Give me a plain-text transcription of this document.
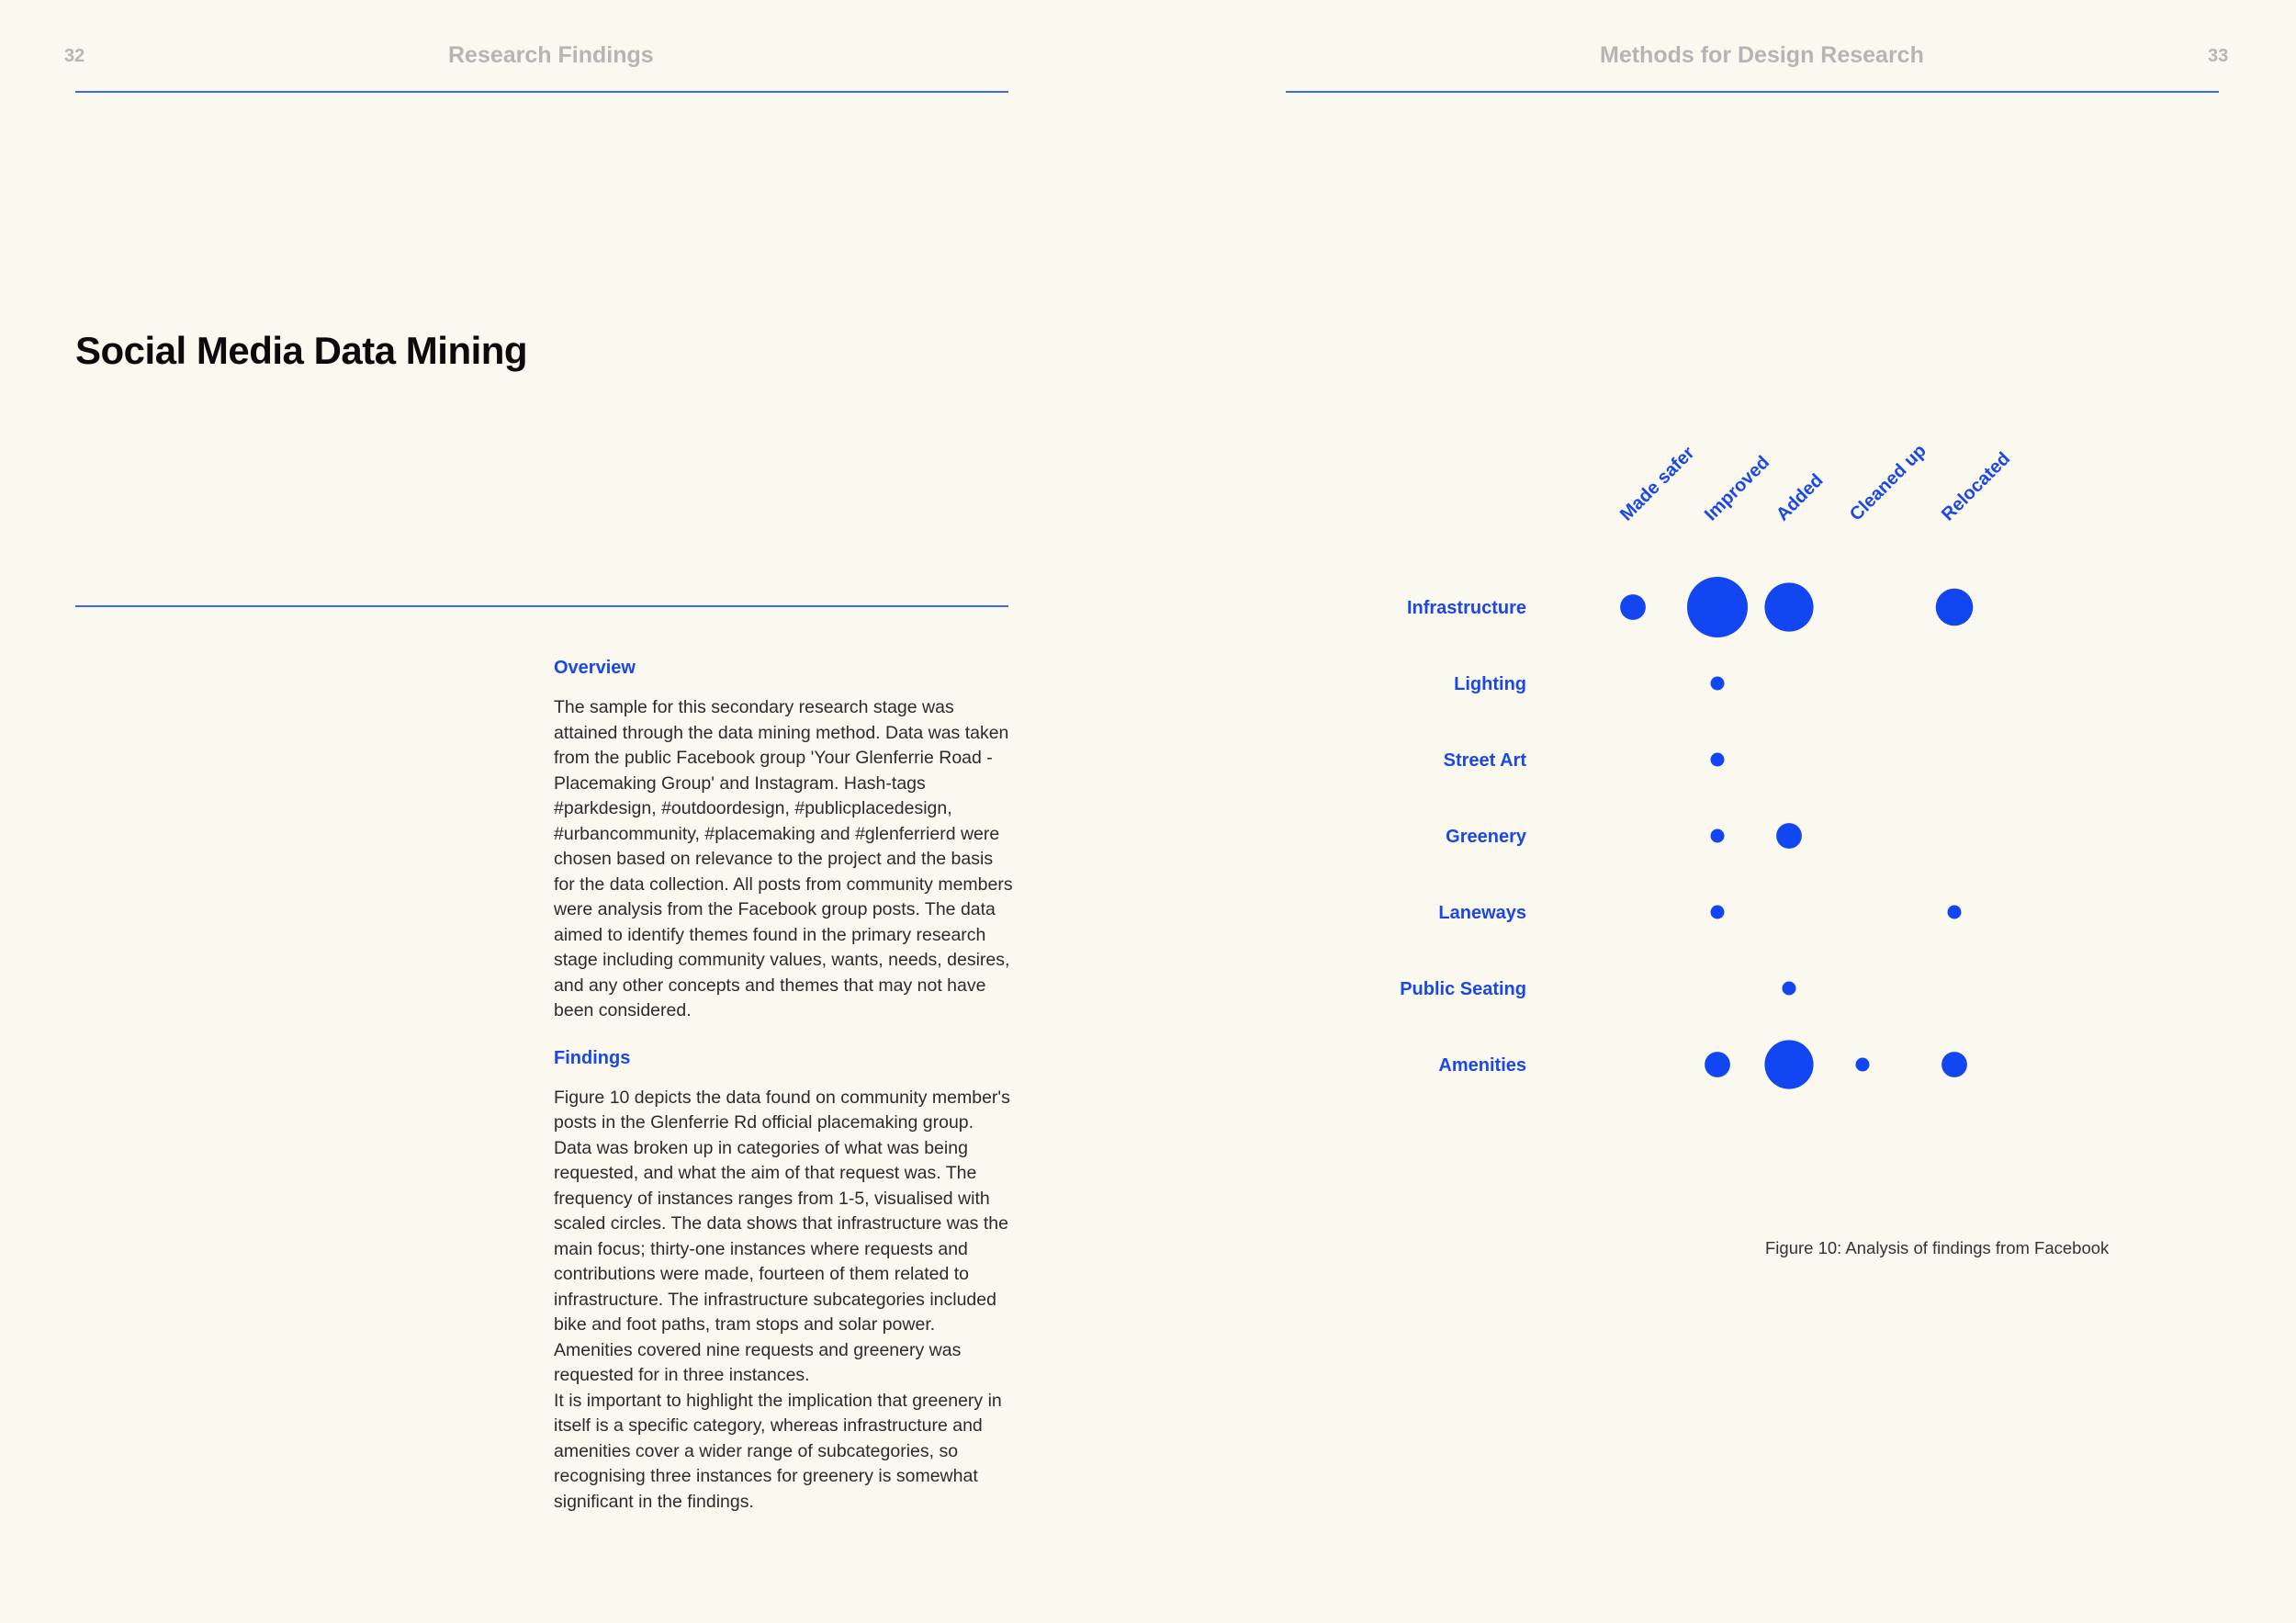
32	Research Findings
Social Media Data Mining
Overview

The sample for this secondary research stage was attained through the data mining method. Data was taken from the public Facebook group 'Your Glenferrie Road - Placemaking Group' and Instagram. Hash-tags #parkdesign, #outdoordesign, #publicplacedesign, #urbancommunity, #placemaking and #glenferrierd were chosen based on relevance to the project and the basis for the data collection. All posts from community members were analysis from the Facebook group posts. The data aimed to identify themes found in the primary research stage including community values, wants, needs, desires, and any other concepts and themes that may not have been considered.

Findings

Figure 10 depicts the data found on community member's posts in the Glenferrie Rd official placemaking group. Data was broken up in categories of what was being requested, and what the aim of that request was. The frequency of instances ranges from 1-5, visualised with scaled circles. The data shows that infrastructure was the main focus; thirty-one instances where requests and contributions were made, fourteen of them related to infrastructure. The infrastructure subcategories included bike and foot paths, tram stops and solar power. Amenities covered nine requests and greenery was requested for in three instances.

It is important to highlight the implication that greenery in itself is a specific category, whereas infrastructure and amenities cover a wider range of subcategories, so recognising three instances for greenery is somewhat significant in the findings.

Methods for Design Research	33
Made safer Improved
Added Cleaned up Relocated
Infrastructure
Lighting
Street Art
Greenery
Laneways
Public Seating
Amenities
Figure 10: Analysis of findings from Facebook
